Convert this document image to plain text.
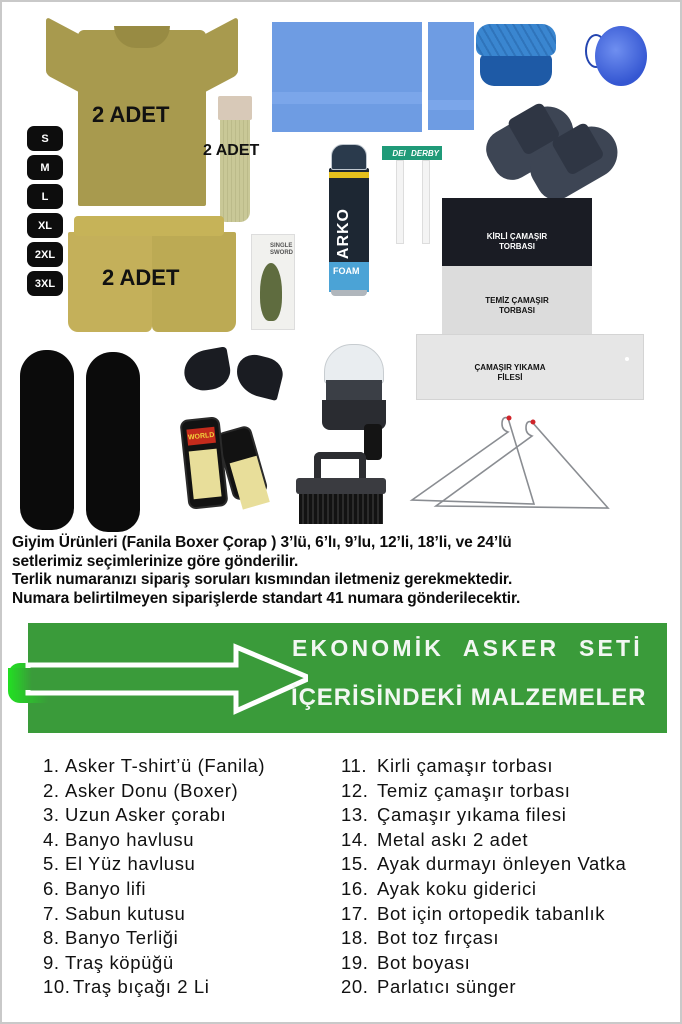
2 ADET
S
M
L
XL
2XL
3XL
2 ADET
2 ADET
SINGLE SWORD	ARKO
FOAM
DEI DERBY
KİRLİ ÇAMAŞIR
TORBASI
TEMİZ ÇAMAŞIR
TORBASI
ÇAMAŞIR YIKAMA
FİLESİ
WORLD
Giyim Ürünleri (Fanila Boxer Çorap ) 3’lü, 6’lı, 9’lu, 12’li, 18’li, ve 24’lü
setlerimiz seçimlerinize göre gönderilir.
Terlik numaranızı sipariş soruları kısmından iletmeniz gerekmektedir.
Numara belirtilmeyen siparişlerde standart 41 numara gönderilecektir.
EKONOMİK ASKER SETİ
İÇERİSİNDEKİ MALZEMELER
1. Asker T-shirt’ü (Fanila)
2. Asker Donu (Boxer)
3. Uzun Asker çorabı
4. Banyo havlusu
5. El Yüz havlusu
6. Banyo lifi
7. Sabun kutusu
8. Banyo Terliği
9. Traş köpüğü
10. Traş bıçağı 2 Li
11. Kirli çamaşır torbası
12. Temiz çamaşır torbası
13. Çamaşır yıkama filesi
14. Metal askı 2 adet
15. Ayak durmayı önleyen Vatka
16. Ayak koku giderici
17. Bot için ortopedik tabanlık
18. Bot toz fırçası
19. Bot boyası
20. Parlatıcı sünger
